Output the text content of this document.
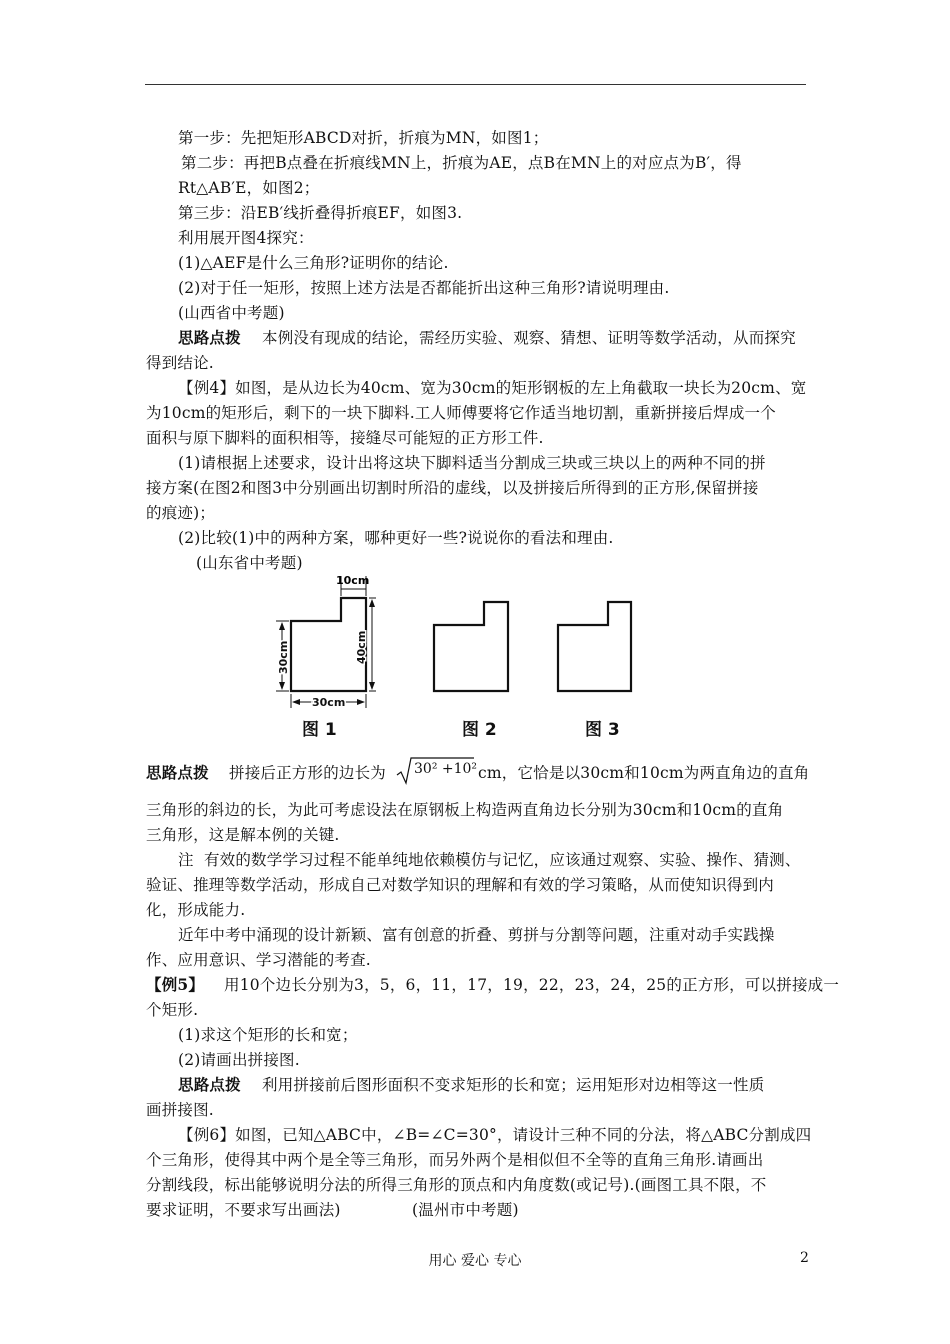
第一步：先把矩形ABCD对折，折痕为MN，如图1；
第二步：再把B点叠在折痕线MN上，折痕为AE，点B在MN上的对应点为B′，得
Rt△AB′E，如图2；
第三步：沿EB′线折叠得折痕EF，如图3.
利用展开图4探究：
(1)△AEF是什么三角形?证明你的结论.
(2)对于任一矩形，按照上述方法是否都能折出这种三角形?请说明理由.
(山西省中考题)
思路点拨 本例没有现成的结论，需经历实验、观察、猜想、证明等数学活动，从而探究
得到结论.
【例4】如图，是从边长为40cm、宽为30cm的矩形钢板的左上角截取一块长为20cm、宽
为10cm的矩形后，剩下的一块下脚料.工人师傅要将它作适当地切割，重新拼接后焊成一个
面积与原下脚料的面积相等，接缝尽可能短的正方形工件.
(1)请根据上述要求，设计出将这块下脚料适当分割成三块或三块以上的两种不同的拼
接方案(在图2和图3中分别画出切割时所沿的虚线，以及拼接后所得到的正方形,保留拼接
的痕迹)；
(2)比较(1)中的两种方案，哪种更好一些?说说你的看法和理由.
(山东省中考题)
10cm
40cm
30cm
30cm
图 1	图 2	图 3
思路点拨 拼接后正方形的边长为 30² +10² cm，它恰是以30cm和10cm为两直角边的直角
三角形的斜边的长，为此可考虑设法在原钢板上构造两直角边长分别为30cm和10cm的直角
三角形，这是解本例的关键.
注  有效的数学学习过程不能单纯地依赖模仿与记忆，应该通过观察、实验、操作、猜测、
验证、推理等数学活动，形成自己对数学知识的理解和有效的学习策略，从而使知识得到内
化，形成能力.
近年中考中涌现的设计新颖、富有创意的折叠、剪拼与分割等问题，注重对动手实践操
作、应用意识、学习潜能的考查.
【例5】 用10个边长分别为3，5，6，11，17，19，22，23，24，25的正方形，可以拼接成一
个矩形.
(1)求这个矩形的长和宽；
(2)请画出拼接图.
思路点拨 利用拼接前后图形面积不变求矩形的长和宽；运用矩形对边相等这一性质
画拼接图.
【例6】如图，已知△ABC中，∠B=∠C=30°，请设计三种不同的分法，将△ABC分割成四
个三角形，使得其中两个是全等三角形，而另外两个是相似但不全等的直角三角形.请画出
分割线段，标出能够说明分法的所得三角形的顶点和内角度数(或记号).(画图工具不限，不
要求证明，不要求写出画法)	(温州市中考题)
用心 爱心 专心	2
